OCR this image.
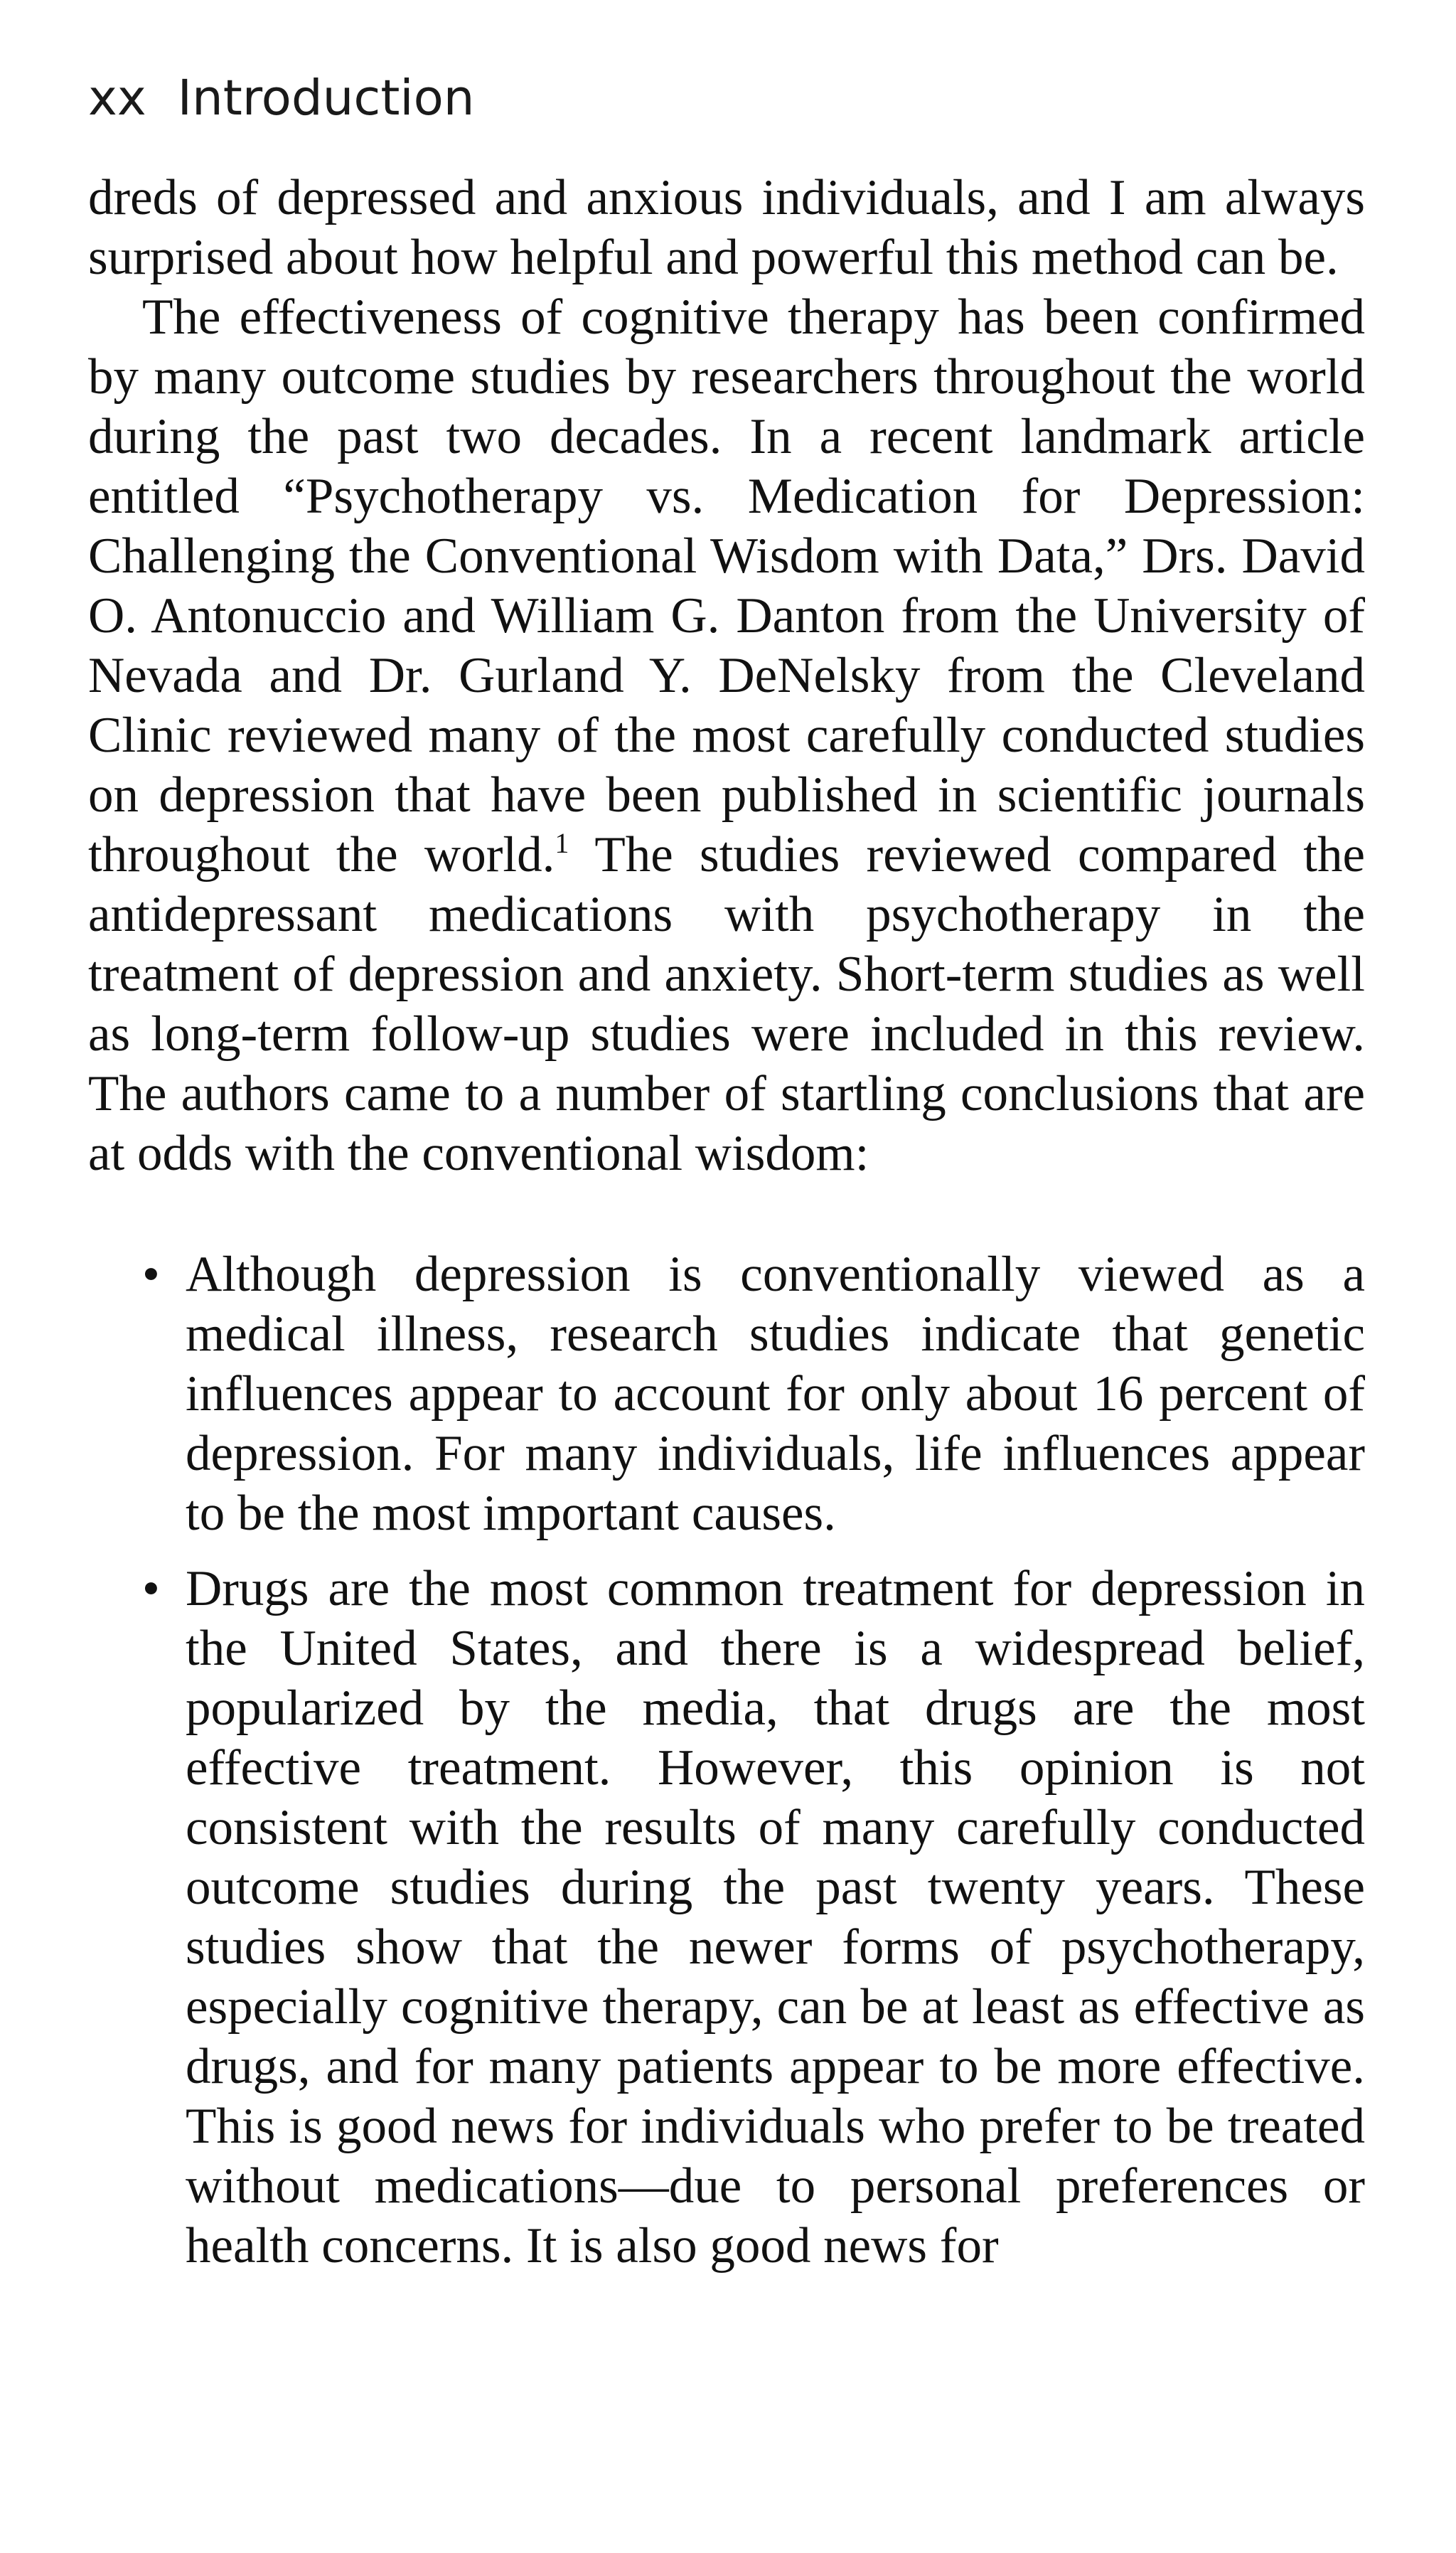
xx Introduction

dreds of depressed and anxious individuals, and I am always surprised about how helpful and powerful this method can be.

The effectiveness of cognitive therapy has been confirmed by many outcome studies by researchers throughout the world during the past two decades. In a recent landmark article entitled “Psychotherapy vs. Medication for Depression: Challenging the Conventional Wisdom with Data,” Drs. David O. Antonuccio and William G. Danton from the University of Nevada and Dr. Gurland Y. DeNelsky from the Cleveland Clinic reviewed many of the most carefully conducted studies on depression that have been published in scientific journals throughout the world.$^1$ The studies reviewed compared the antidepressant medications with psychotherapy in the treatment of depression and anxiety. Short-term studies as well as long-term follow-up studies were included in this review. The authors came to a number of startling conclusions that are at odds with the conventional wisdom:

• Although depression is conventionally viewed as a medical illness, research studies indicate that genetic influences appear to account for only about 16 percent of depression. For many individuals, life influences appear to be the most important causes.
• Drugs are the most common treatment for depression in the United States, and there is a widespread belief, popularized by the media, that drugs are the most effective treatment. However, this opinion is not consistent with the results of many carefully conducted outcome studies during the past twenty years. These studies show that the newer forms of psychotherapy, especially cognitive therapy, can be at least as effective as drugs, and for many patients appear to be more effective. This is good news for individuals who prefer to be treated without medications—due to personal preferences or health concerns. It is also good news for
